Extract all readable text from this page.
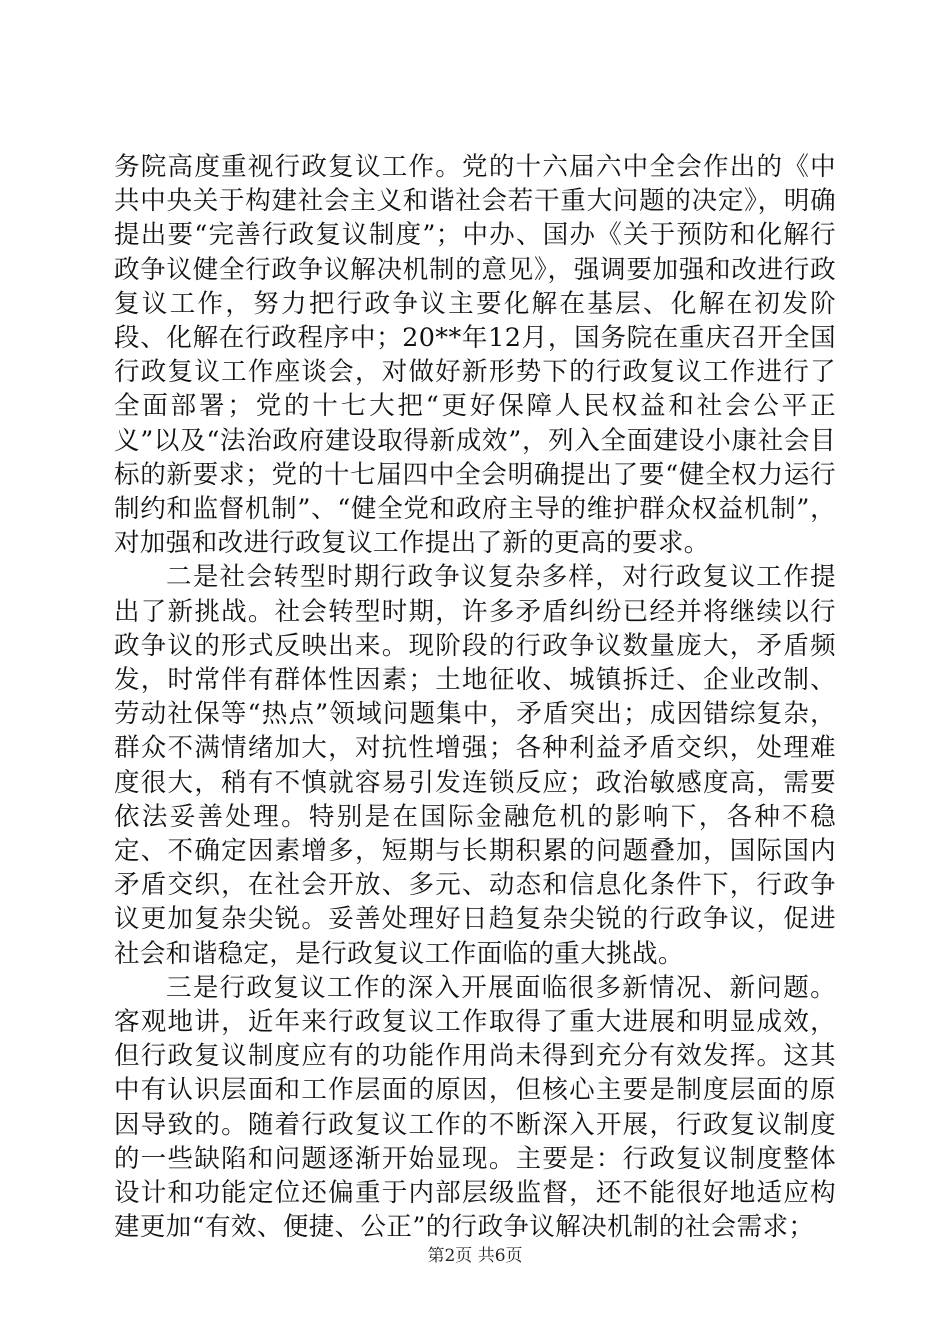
务院高度重视行政复议工作。党的十六届六中全会作出的《中共中央关于构建社会主义和谐社会若干重大问题的决定》，明确提出要“完善行政复议制度”；中办、国办《关于预防和化解行政争议健全行政争议解决机制的意见》，强调要加强和改进行政复议工作，努力把行政争议主要化解在基层、化解在初发阶段、化解在行政程序中；20**年12月，国务院在重庆召开全国行政复议工作座谈会，对做好新形势下的行政复议工作进行了全面部署；党的十七大把“更好保障人民权益和社会公平正义”以及“法治政府建设取得新成效”，列入全面建设小康社会目标的新要求；党的十七届四中全会明确提出了要“健全权力运行制约和监督机制”、“健全党和政府主导的维护群众权益机制”，对加强和改进行政复议工作提出了新的更高的要求。

二是社会转型时期行政争议复杂多样，对行政复议工作提出了新挑战。社会转型时期，许多矛盾纠纷已经并将继续以行政争议的形式反映出来。现阶段的行政争议数量庞大，矛盾频发，时常伴有群体性因素；土地征收、城镇拆迁、企业改制、劳动社保等“热点”领域问题集中，矛盾突出；成因错综复杂，群众不满情绪加大，对抗性增强；各种利益矛盾交织，处理难度很大，稍有不慎就容易引发连锁反应；政治敏感度高，需要依法妥善处理。特别是在国际金融危机的影响下，各种不稳定、不确定因素增多，短期与长期积累的问题叠加，国际国内矛盾交织，在社会开放、多元、动态和信息化条件下，行政争议更加复杂尖锐。妥善处理好日趋复杂尖锐的行政争议，促进社会和谐稳定，是行政复议工作面临的重大挑战。

三是行政复议工作的深入开展面临很多新情况、新问题。客观地讲，近年来行政复议工作取得了重大进展和明显成效，但行政复议制度应有的功能作用尚未得到充分有效发挥。这其中有认识层面和工作层面的原因，但核心主要是制度层面的原因导致的。随着行政复议工作的不断深入开展，行政复议制度的一些缺陷和问题逐渐开始显现。主要是：行政复议制度整体设计和功能定位还偏重于内部层级监督，还不能很好地适应构建更加“有效、便捷、公正”的行政争议解决机制的社会需求；

第2页 共6页
